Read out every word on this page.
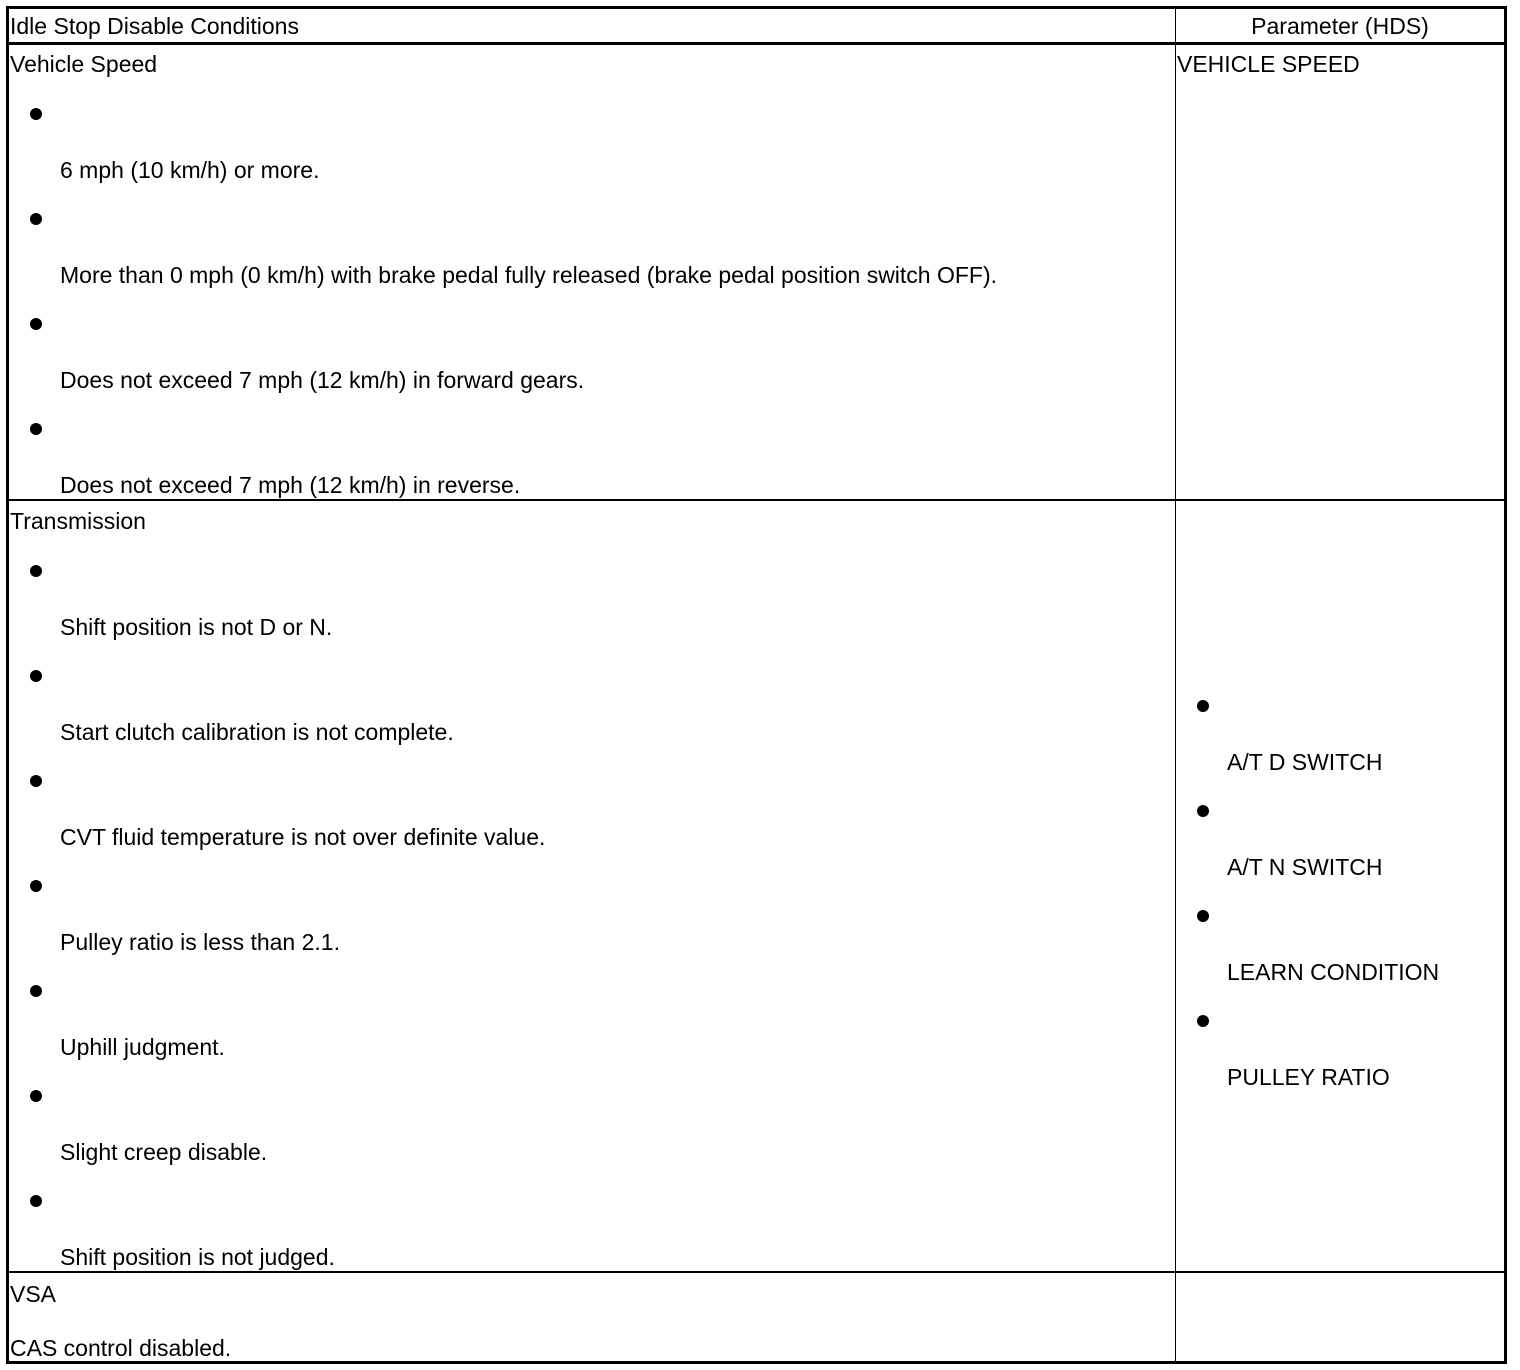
Idle Stop Disable Conditions	Parameter (HDS)
Vehicle Speed
6 mph (10 km/h) or more.
More than 0 mph (0 km/h) with brake pedal fully released (brake pedal position switch OFF).
Does not exceed 7 mph (12 km/h) in forward gears.
Does not exceed 7 mph (12 km/h) in reverse.
VEHICLE SPEED
Transmission
Shift position is not D or N.
Start clutch calibration is not complete.
CVT fluid temperature is not over definite value.
Pulley ratio is less than 2.1.
Uphill judgment.
Slight creep disable.
Shift position is not judged.
A/T D SWITCH
A/T N SWITCH
LEARN CONDITION
PULLEY RATIO
VSA
CAS control disabled.
